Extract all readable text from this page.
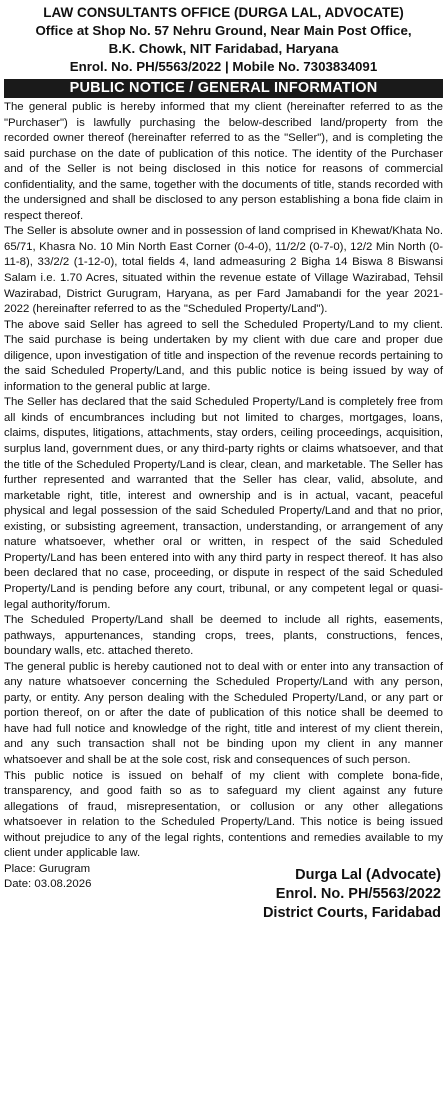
LAW CONSULTANTS OFFICE (DURGA LAL, ADVOCATE)
Office at Shop No. 57 Nehru Ground, Near Main Post Office,
B.K. Chowk, NIT Faridabad, Haryana
Enrol. No. PH/5563/2022 | Mobile No. 7303834091
PUBLIC NOTICE / GENERAL INFORMATION

The general public is hereby informed that my client (hereinafter referred to as the "Purchaser") is lawfully purchasing the below-described land/property from the recorded owner thereof (hereinafter referred to as the "Seller"), and is completing the said purchase on the date of publication of this notice. The identity of the Purchaser and of the Seller is not being disclosed in this notice for reasons of commercial confidentiality, and the same, together with the documents of title, stands recorded with the undersigned and shall be disclosed to any person establishing a bona fide claim in respect thereof.

The Seller is absolute owner and in possession of land comprised in Khewat/Khata No. 65/71, Khasra No. 10 Min North East Corner (0-4-0), 11/2/2 (0-7-0), 12/2 Min North (0-11-8), 33/2/2 (1-12-0), total fields 4, land admeasuring 2 Bigha 14 Biswa 8 Biswansi Salam i.e. 1.70 Acres, situated within the revenue estate of Village Wazirabad, Tehsil Wazirabad, District Gurugram, Haryana, as per Fard Jamabandi for the year 2021-2022 (hereinafter referred to as the "Scheduled Property/Land").

The above said Seller has agreed to sell the Scheduled Property/Land to my client. The said purchase is being undertaken by my client with due care and proper due diligence, upon investigation of title and inspection of the revenue records pertaining to the said Scheduled Property/Land, and this public notice is being issued by way of information to the general public at large.

The Seller has declared that the said Scheduled Property/Land is completely free from all kinds of encumbrances including but not limited to charges, mortgages, loans, claims, disputes, litigations, attachments, stay orders, ceiling proceedings, acquisition, surplus land, government dues, or any third-party rights or claims whatsoever, and that the title of the Scheduled Property/Land is clear, clean, and marketable. The Seller has further represented and warranted that the Seller has clear, valid, absolute, and marketable right, title, interest and ownership and is in actual, vacant, peaceful physical and legal possession of the said Scheduled Property/Land and that no prior, existing, or subsisting agreement, transaction, understanding, or arrangement of any nature whatsoever, whether oral or written, in respect of the said Scheduled Property/Land has been entered into with any third party in respect thereof. It has also been declared that no case, proceeding, or dispute in respect of the said Scheduled Property/Land is pending before any court, tribunal, or any competent legal or quasi-legal authority/forum.

The Scheduled Property/Land shall be deemed to include all rights, easements, pathways, appurtenances, standing crops, trees, plants, constructions, fences, boundary walls, etc. attached thereto.

The general public is hereby cautioned not to deal with or enter into any transaction of any nature whatsoever concerning the Scheduled Property/Land with any person, party, or entity. Any person dealing with the Scheduled Property/Land, or any part or portion thereof, on or after the date of publication of this notice shall be deemed to have had full notice and knowledge of the right, title and interest of my client therein, and any such transaction shall not be binding upon my client in any manner whatsoever and shall be at the sole cost, risk and consequences of such person.

This public notice is issued on behalf of my client with complete bona-fide, transparency, and good faith so as to safeguard my client against any future allegations of fraud, misrepresentation, or collusion or any other allegations whatsoever in relation to the Scheduled Property/Land. This notice is being issued without prejudice to any of the legal rights, contentions and remedies available to my client under applicable law.

Place: Gurugram
Date: 03.08.2026
Durga Lal (Advocate)
Enrol. No. PH/5563/2022
District Courts, Faridabad
